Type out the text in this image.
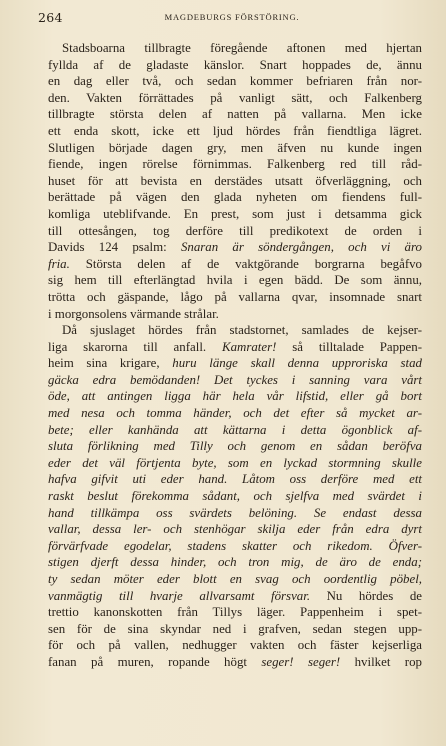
264	MAGDEBURGS FÖRSTÖRING.
Stadsboarna tillbragte föregående aftonen med hjertan
fyllda af de gladaste känslor. Snart hoppades de, ännu
en dag eller två, och sedan kommer befriaren från nor-
den. Vakten förrättades på vanligt sätt, och Falkenberg
tillbragte största delen af natten på vallarna. Men icke
ett enda skott, icke ett ljud hördes från fiendtliga lägret.
Slutligen började dagen gry, men äfven nu kunde ingen
fiende, ingen rörelse förnimmas. Falkenberg red till råd-
huset för att bevista en derstädes utsatt öfverläggning, och
berättade på vägen den glada nyheten om fiendens full-
komliga uteblifvande. En prest, som just i detsamma gick
till ottesången, tog derföre till predikotext de orden i
Davids 124 psalm: Snaran är söndergången, och vi äro
fria. Största delen af de vaktgörande borgrarna begåfvo
sig hem till efterlängtad hvila i egen bädd. De som ännu,
trötta och gäspande, lågo på vallarna qvar, insomnade snart
i morgonsolens värmande strålar.
Då sjuslaget hördes från stadstornet, samlades de kejser-
liga skarorna till anfall. Kamrater! så tilltalade Pappen-
heim sina krigare, huru länge skall denna upproriska stad
gäcka edra bemödanden! Det tyckes i sanning vara vårt
öde, att antingen ligga här hela vår lifstid, eller gå bort
med nesa och tomma händer, och det efter så mycket ar-
bete; eller kanhända att kättarna i detta ögonblick af-
sluta förlikning med Tilly och genom en sådan beröfva
eder det väl förtjenta byte, som en lyckad stormning skulle
hafva gifvit uti eder hand. Låtom oss derföre med ett
raskt beslut förekomma sådant, och sjelfva med svärdet i
hand tillkämpa oss svärdets belöning. Se endast dessa
vallar, dessa ler- och stenhögar skilja eder från edra dyrt
förvärfvade egodelar, stadens skatter och rikedom. Öfver-
stigen djerft dessa hinder, och tron mig, de äro de enda;
ty sedan möter eder blott en svag och oordentlig pöbel,
vanmägtig till hvarje allvarsamt försvar. Nu hördes de
trettio kanonskotten från Tillys läger. Pappenheim i spet-
sen för de sina skyndar ned i grafven, sedan stegen upp-
för och på vallen, nedhugger vakten och fäster kejserliga
fanan på muren, ropande högt seger! seger! hvilket rop
